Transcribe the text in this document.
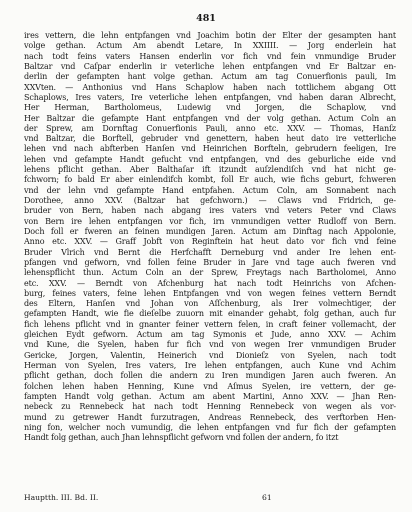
481
ires vettern, die lehn entpfangen vnd Joachim botin der Elter der gesampten hant
volge gethan. Actum Am abendt Letare, In XXIIII. — Jorg enderlein hat
nach todt feins vaters Hansen enderlin vor fich vnd fein vnmundige Bruder
Baltzar vnd Caſpar enderlin ir veterliche lehen entpfangen vnd Er Baltzar en-
derlin der gefampten hant volge gethan. Actum am tag Conuerfionis pauli, Im
XXVten. — Anthonius vnd Hans Schaplow haben nach tottlichem abgang Ott
Schaplows, Ires vaters, Ire veterliche lehen entpfangen, vnd haben daran Albrecht,
Her Herman, Bartholomeus, Ludewig vnd Jorgen, die Schaplow, vnd
Her Baltzar die gefampte Hant entpfangen vnd der volg gethan. Actum Coln an
der Sprew, am Dornftag Conuerfionis Pauli, anno etc. XXV. — Thomas, Hanſz
vnd Baltzar, die Borftell, gebruder vnd genettern, haben heut dato ire vetterliche
lehen vnd nach abfterben Hanſen vnd Heinrichen Borfteln, gebrudern feeligen, Ire
lehen vnd gefampte Handt gefucht vnd entpfangen, vnd des geburliche eide vnd
lehens pflicht gethan. Aber Balthaſar ift itzundt auſzlendiſch vnd hat nicht ge-
fchworn; fo bald Er aber einlendifch kombt, foll Er auch, wie fichs geburt, fchweren
vnd der lehn vnd gefampte Hand entpfahen. Actum Coln, am Sonnabent nach
Dorothee, anno XXV. (Baltzar hat gefchworn.) — Claws vnd Fridrich, ge-
bruder von Bern, haben nach abgang ires vaters vnd veters Peter vnd Claws
von Bern ire lehen entpfangen vor fich, irn vnmundigen vetter Rudloff von Bern.
Doch foll er fweren an feinen mundigen Jaren. Actum am Dinftag nach Appolonie,
Anno etc. XXV. — Graff Jobft von Reginftein hat heut dato vor fich vnd feine
Bruder Vlrich vnd Bernt die Herfchafft Derneburg vnd ander Ire lehen ent-
pfangen vnd gefworn, vnd follen feine Bruder in Jare vnd tage auch fweren vnd
lehenspflicht thun. Actum Coln an der Sprew, Freytags nach Bartholomei, Anno
etc. XXV. — Berndt von Afchenburg hat nach todt Heinrichs von Afchen-
burg, feines vaters, feine lehen Entpfangen vnd von wegen feines vettern Berndt
des Eltern, Hanſen vnd Johan von Aſſchenburg, als Irer volmechtiger, der
gefampten Handt, wie fie dieſelbe zuuorn mit einander gehabt, folg gethan, auch fur
fich lehens pflicht vnd in gnanter feiner vettern felen, in craft feiner vollemacht, der
gleichen Eydt gefworn. Actum am tag Symonis et Jude, anno XXV. — Achim
vnd Kune, die Syelen, haben fur fich vnd von wegen Irer vnmundigen Bruder
Gericke, Jorgen, Valentin, Heinerich vnd Dionieſz von Syelen, nach todt
Herman von Syelen, Ires vaters, Ire lehen entpfangen, auch Kune vnd Achim
pflicht gethan, doch follen die andern zu Iren mundigen Jaren auch fweren. An
folchen lehen haben Henning, Kune vnd Aſmus Syelen, ire vettern, der ge-
fampten Handt volg gethan. Actum am abent Martini, Anno XXV. — Jhan Ren-
nebeck zu Rennebeck hat nach todt Henning Rennebeck von wegen als vor-
mund zu getrewer Handt furzutragen, Andreas Rennebeck, des verftorben Hen-
ning fon, welcher noch vumundig, die lehen entpfangen vnd fur fich der gefampten
Handt folg gethan, auch Jhan lehnspflicht gefworn vnd follen der andern, fo itzt
Hauptth. III. Bd. II.	61
